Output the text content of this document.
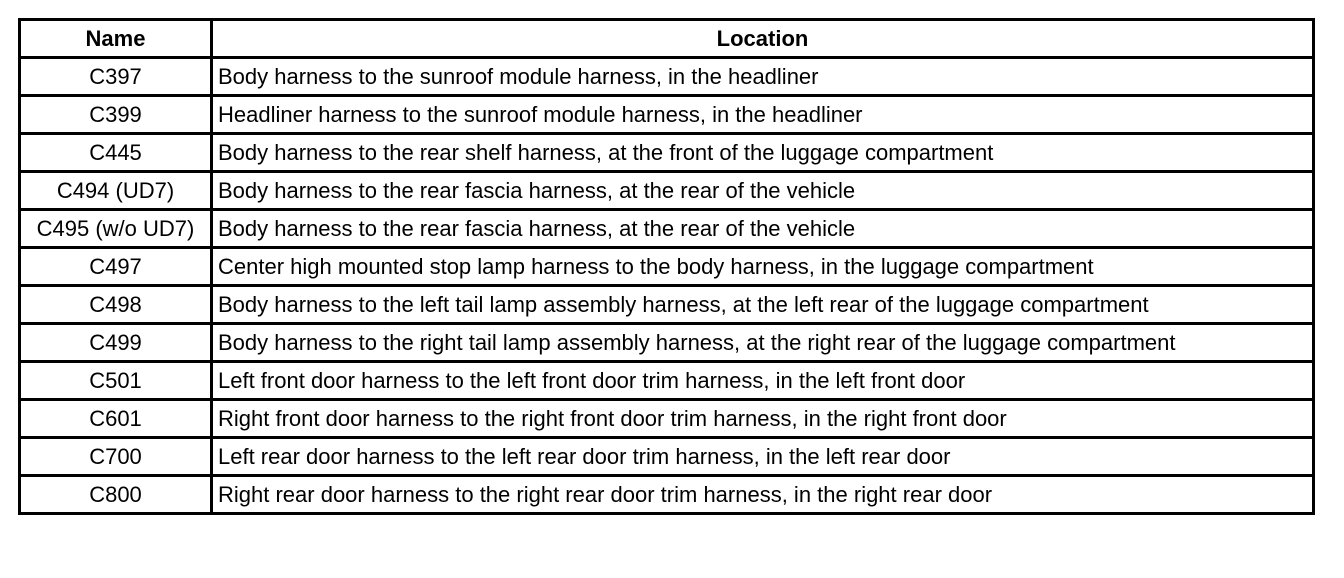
Name	Location
C397	Body harness to the sunroof module harness, in the headliner
C399	Headliner harness to the sunroof module harness, in the headliner
C445	Body harness to the rear shelf harness, at the front of the luggage compartment
C494 (UD7)	Body harness to the rear fascia harness, at the rear of the vehicle
C495 (w/o UD7)	Body harness to the rear fascia harness, at the rear of the vehicle
C497	Center high mounted stop lamp harness to the body harness, in the luggage compartment
C498	Body harness to the left tail lamp assembly harness, at the left rear of the luggage compartment
C499	Body harness to the right tail lamp assembly harness, at the right rear of the luggage compartment
C501	Left front door harness to the left front door trim harness, in the left front door
C601	Right front door harness to the right front door trim harness, in the right front door
C700	Left rear door harness to the left rear door trim harness, in the left rear door
C800	Right rear door harness to the right rear door trim harness, in the right rear door
